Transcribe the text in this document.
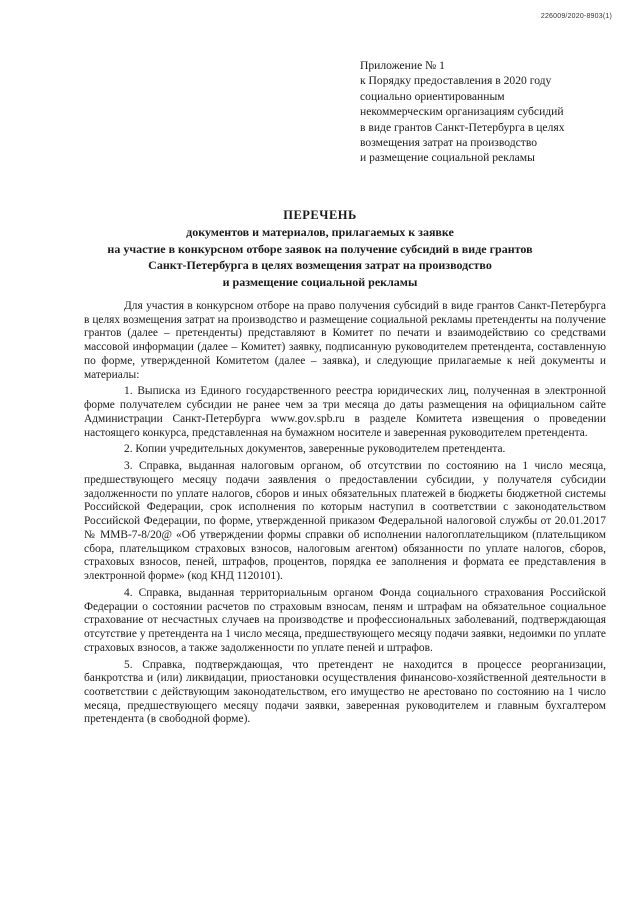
226009/2020-8903(1)
Приложение № 1
к Порядку предоставления в 2020 году
социально ориентированным
некоммерческим организациям субсидий
в виде грантов Санкт-Петербурга в целях
возмещения затрат на производство
и размещение социальной рекламы
ПЕРЕЧЕНЬ
документов и материалов, прилагаемых к заявке
на участие в конкурсном отборе заявок на получение субсидий в виде грантов
Санкт-Петербурга в целях возмещения затрат на производство
и размещение социальной рекламы

Для участия в конкурсном отборе на право получения субсидий в виде грантов Санкт-Петербурга в целях возмещения затрат на производство и размещение социальной рекламы претенденты на получение грантов (далее – претенденты) представляют в Комитет по печати и взаимодействию со средствами массовой информации (далее – Комитет) заявку, подписанную руководителем претендента, составленную по форме, утвержденной Комитетом (далее – заявка), и следующие прилагаемые к ней документы и материалы:

1. Выписка из Единого государственного реестра юридических лиц, полученная в электронной форме получателем субсидии не ранее чем за три месяца до даты размещения на официальном сайте Администрации Санкт-Петербурга www.gov.spb.ru в разделе Комитета извещения о проведении настоящего конкурса, представленная на бумажном носителе и заверенная руководителем претендента.

2. Копии учредительных документов, заверенные руководителем претендента.

3. Справка, выданная налоговым органом, об отсутствии по состоянию на 1 число месяца, предшествующего месяцу подачи заявления о предоставлении субсидии, у получателя субсидии задолженности по уплате налогов, сборов и иных обязательных платежей в бюджеты бюджетной системы Российской Федерации, срок исполнения по которым наступил в соответствии с законодательством Российской Федерации, по форме, утвержденной приказом Федеральной налоговой службы от 20.01.2017 № ММВ-7-8/20@ «Об утверждении формы справки об исполнении налогоплательщиком (плательщиком сбора, плательщиком страховых взносов, налоговым агентом) обязанности по уплате налогов, сборов, страховых взносов, пеней, штрафов, процентов, порядка ее заполнения и формата ее представления в электронной форме» (код КНД 1120101).

4. Справка, выданная территориальным органом Фонда социального страхования Российской Федерации о состоянии расчетов по страховым взносам, пеням и штрафам на обязательное социальное страхование от несчастных случаев на производстве и профессиональных заболеваний, подтверждающая отсутствие у претендента на 1 число месяца, предшествующего месяцу подачи заявки, недоимки по уплате страховых взносов, а также задолженности по уплате пеней и штрафов.

5. Справка, подтверждающая, что претендент не находится в процессе реорганизации, банкротства и (или) ликвидации, приостановки осуществления финансово-хозяйственной деятельности в соответствии с действующим законодательством, его имущество не арестовано по состоянию на 1 число месяца, предшествующего месяцу подачи заявки, заверенная руководителем и главным бухгалтером претендента (в свободной форме).
